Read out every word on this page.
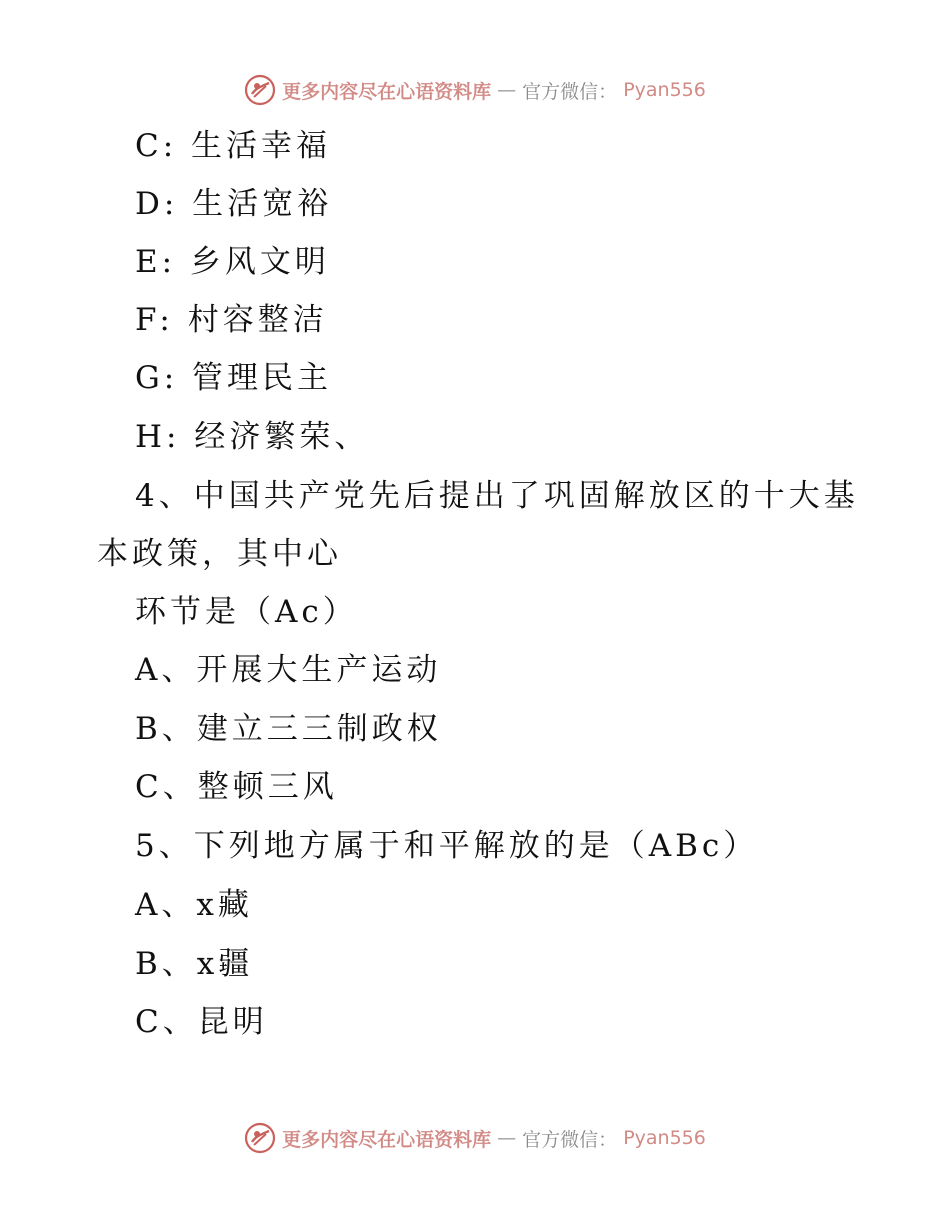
更多内容尽在心语资料库 — 官方微信： Pyan556
C: 生活幸福
D: 生活宽裕
E: 乡风文明
F: 村容整洁
G: 管理民主
H: 经济繁荣、
4、中国共产党先后提出了巩固解放区的十大基
本政策，其中心
环节是（Ac）
A、开展大生产运动
B、建立三三制政权
C、整顿三风
5、下列地方属于和平解放的是（ABc）
A、x藏
B、x疆
C、昆明
更多内容尽在心语资料库 — 官方微信： Pyan556
